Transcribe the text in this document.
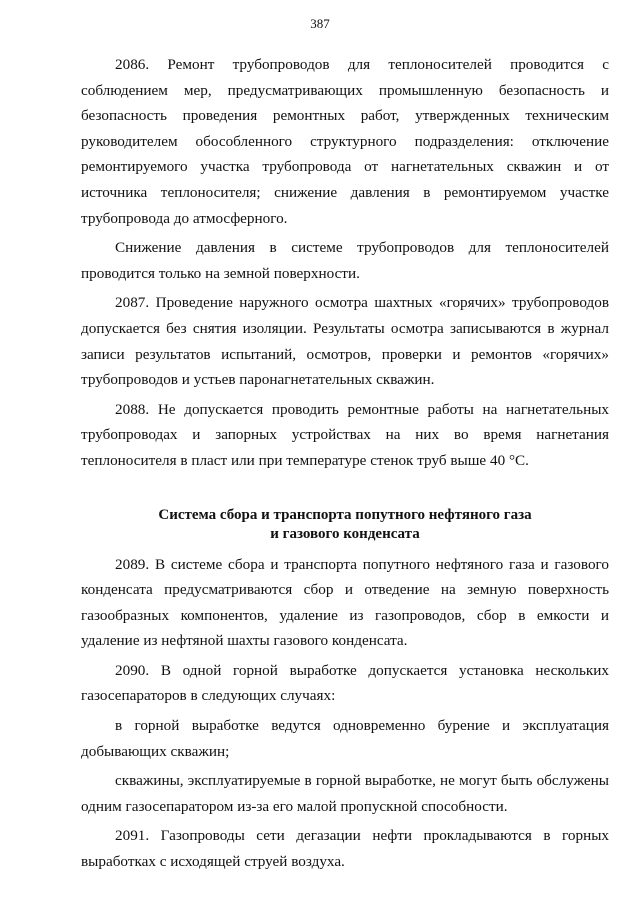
387

2086. Ремонт трубопроводов для теплоносителей проводится с соблюдением мер, предусматривающих промышленную безопасность и безопасность проведения ремонтных работ, утвержденных техническим руководителем обособленного структурного подразделения: отключение ремонтируемого участка трубопровода от нагнетательных скважин и от источника теплоносителя; снижение давления в ремонтируемом участке трубопровода до атмосферного.

Снижение давления в системе трубопроводов для теплоносителей проводится только на земной поверхности.

2087. Проведение наружного осмотра шахтных «горячих» трубопроводов допускается без снятия изоляции. Результаты осмотра записываются в журнал записи результатов испытаний, осмотров, проверки и ремонтов «горячих» трубопроводов и устьев паронагнетательных скважин.

2088. Не допускается проводить ремонтные работы на нагнетательных трубопроводах и запорных устройствах на них во время нагнетания теплоносителя в пласт или при температуре стенок труб выше 40 °С.

Система сбора и транспорта попутного нефтяного газа
и газового конденсата

2089. В системе сбора и транспорта попутного нефтяного газа и газового конденсата предусматриваются сбор и отведение на земную поверхность газообразных компонентов, удаление из газопроводов, сбор в емкости и удаление из нефтяной шахты газового конденсата.

2090. В одной горной выработке допускается установка нескольких газосепараторов в следующих случаях:

в горной выработке ведутся одновременно бурение и эксплуатация добывающих скважин;

скважины, эксплуатируемые в горной выработке, не могут быть обслужены одним газосепаратором из-за его малой пропускной способности.

2091. Газопроводы сети дегазации нефти прокладываются в горных выработках с исходящей струей воздуха.
